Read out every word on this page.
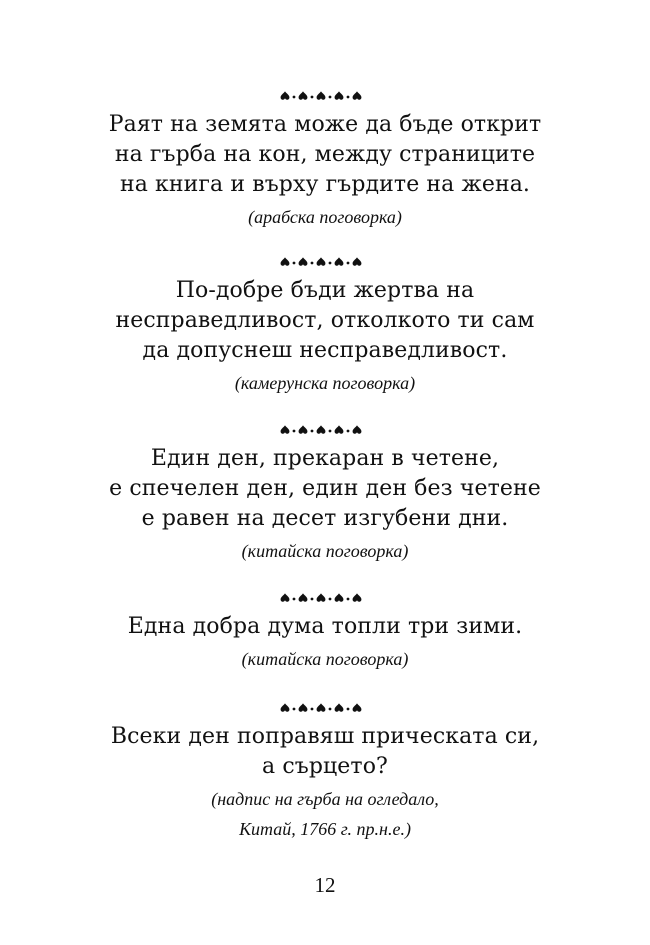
Раят на земята може да бъде открит
на гърба на кон, между страниците
на книга и върху гърдите на жена.
(арабска поговорка)
По-добре бъди жертва на
несправедливост, отколкото ти сам
да допуснеш несправедливост.
(камерунска поговорка)
Един ден, прекаран в четене,
е спечелен ден, един ден без четене
е равен на десет изгубени дни.
(китайска поговорка)
Една добра дума топли три зими.
(китайска поговорка)
Всеки ден поправяш прическата си,
а сърцето?
(надпис на гърба на огледало,
Китай, 1766 г. пр.н.е.)
12
